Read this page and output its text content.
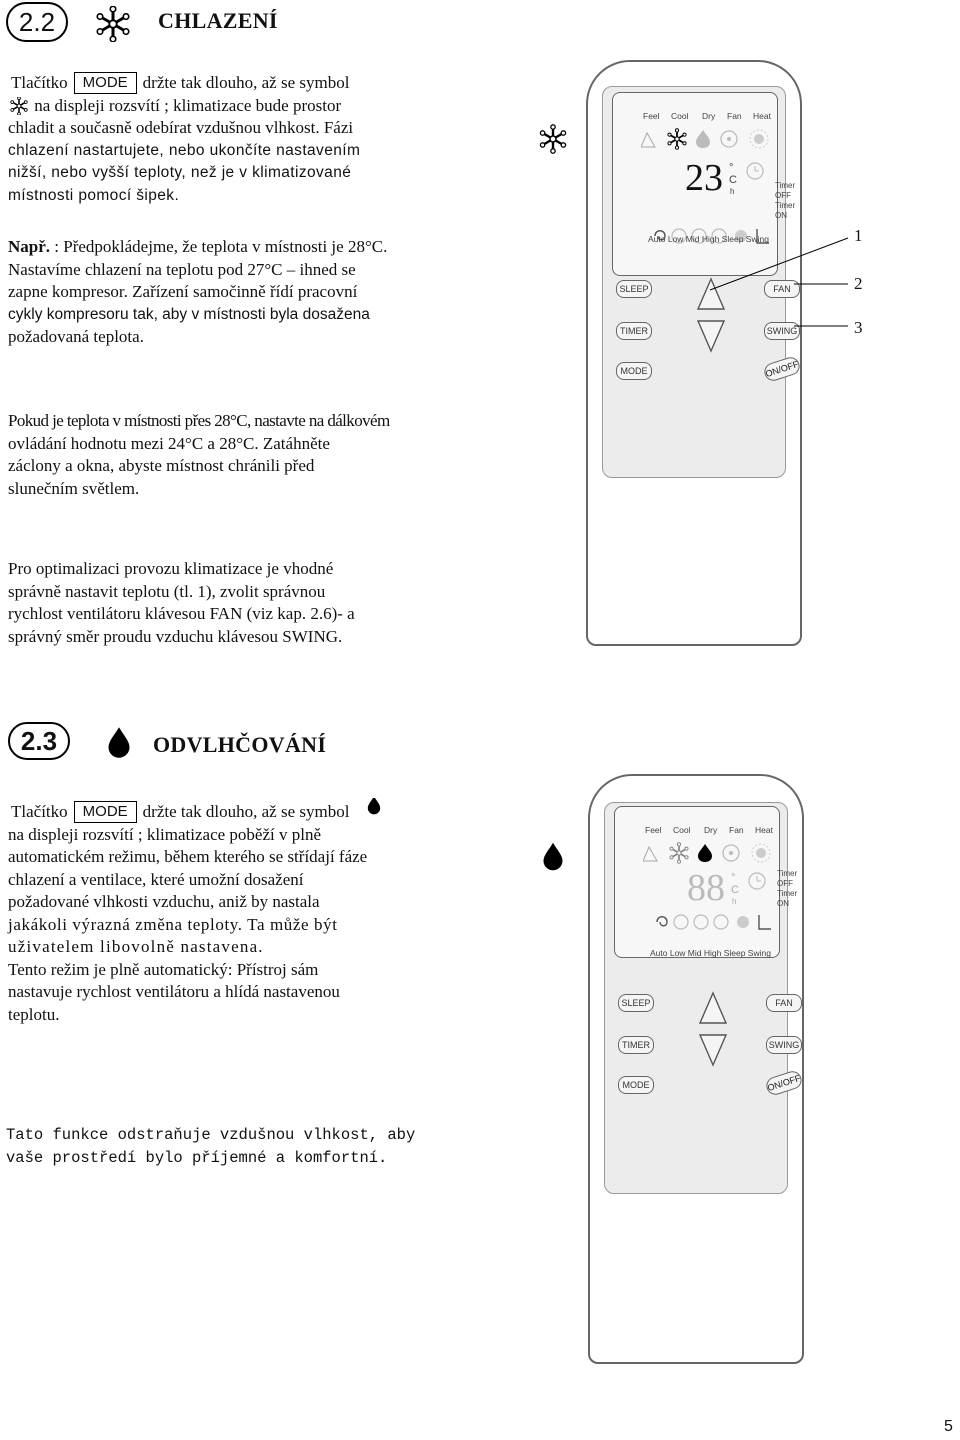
2.2	CHLAZENÍ

Tlačítko MODE držte tak dlouho, až se symbol

na displeji rozsvítí ; klimatizace bude prostor

chladit a současně odebírat vzdušnou vlhkost. Fázi

chlazení nastartujete, nebo ukončíte nastavením

nižší, nebo vyšší teploty, než je v klimatizované

místnosti pomocí šipek.

Např. : Předpokládejme, že teplota v místnosti je 28°C.

Nastavíme chlazení na teplotu pod 27°C – ihned se

zapne kompresor. Zařízení samočinně řídí pracovní

cykly kompresoru tak, aby v místnosti byla dosažena

požadovaná teplota.

Pokud je teplota v místnosti přes 28°C, nastavte na dálkovém

ovládání hodnotu mezi 24°C a 28°C. Zatáhněte

záclony a okna, abyste místnost chránili před

slunečním světlem.

Pro optimalizaci provozu klimatizace je vhodné

správně nastavit teplotu (tl. 1), zvolit správnou

rychlost ventilátoru klávesou FAN (viz kap. 2.6)- a

správný směr proudu vzduchu klávesou SWING.

Feel Cool Dry Fan Heat
23 °
C
h
Timer
OFF
Timer
ON
Auto Low Mid High Sleep Swing
SLEEP
TIMER
MODE
FAN
SWING
ON/OFF
1
2
3
2.3	ODVLHČOVÁNÍ

Tlačítko MODE držte tak dlouho, až se symbol

na displeji rozsvítí ; klimatizace poběží v plně

automatickém režimu, během kterého se střídají fáze

chlazení a ventilace, které umožní dosažení

požadované vlhkosti vzduchu, aniž by nastala

jakákoli výrazná změna teploty. Ta může být

uživatelem libovolně nastavena.

Tento režim je plně automatický: Přístroj sám

nastavuje rychlost ventilátoru a hlídá nastavenou

teplotu.

Tato funkce odstraňuje vzdušnou vlhkost, aby

vaše prostředí bylo příjemné a komfortní.

Feel Cool Dry Fan Heat
88 °
C
h
Timer
OFF
Timer
ON
Auto Low Mid High Sleep Swing
SLEEP
TIMER
MODE
FAN
SWING
ON/OFF
5
